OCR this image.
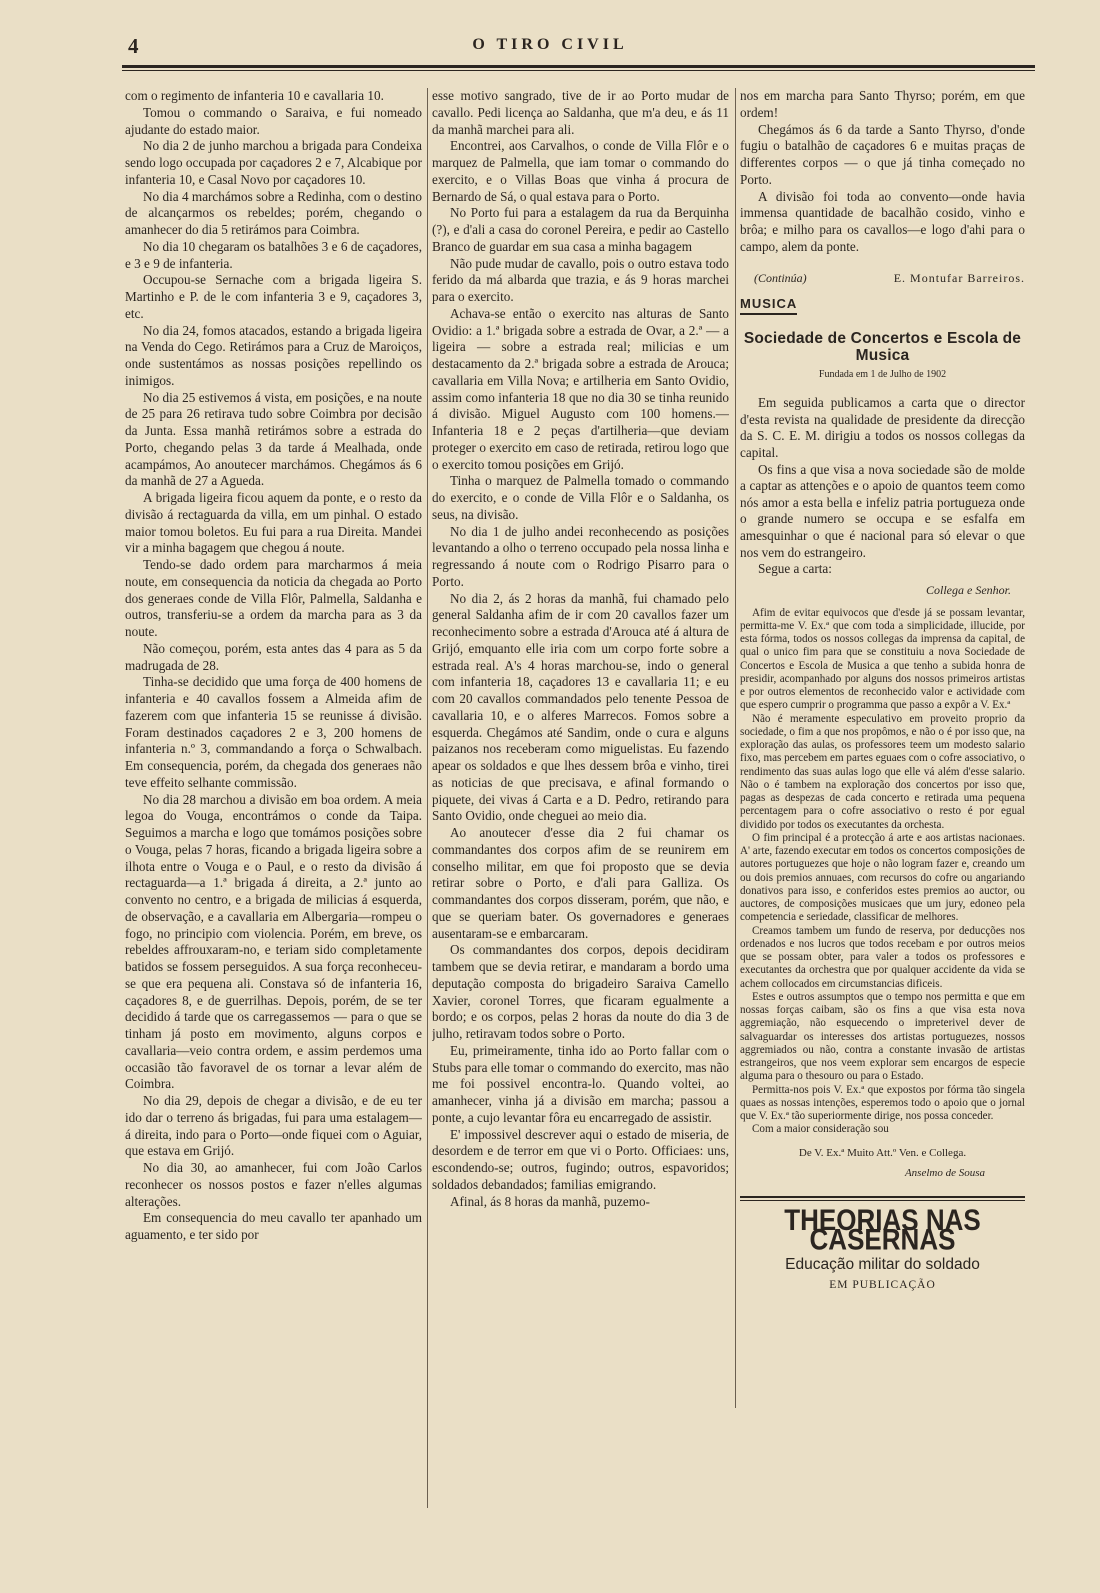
4	O TIRO CIVIL

com o regimento de infanteria 10 e cavallaria 10.

Tomou o commando o Saraiva, e fui nomeado ajudante do estado maior.

No dia 2 de junho marchou a brigada para Condeixa sendo logo occupada por caçadores 2 e 7, Alcabique por infanteria 10, e Casal Novo por caçadores 10.

No dia 4 marchámos sobre a Redinha, com o destino de alcançarmos os rebeldes; porém, chegando o amanhecer do dia 5 retirámos para Coimbra.

No dia 10 chegaram os batalhões 3 e 6 de caçadores, e 3 e 9 de infanteria.

Occupou-se Sernache com a brigada ligeira S. Martinho e P. de le com infanteria 3 e 9, caçadores 3, etc.

No dia 24, fomos atacados, estando a brigada ligeira na Venda do Cego. Retirámos para a Cruz de Maroiços, onde sustentámos as nossas posições repellindo os inimigos.

No dia 25 estivemos á vista, em posições, e na noute de 25 para 26 retirava tudo sobre Coimbra por decisão da Junta. Essa manhã retirámos sobre a estrada do Porto, chegando pelas 3 da tarde á Mealhada, onde acampámos, Ao anoutecer marchámos. Chegámos ás 6 da manhã de 27 a Agueda.

A brigada ligeira ficou aquem da ponte, e o resto da divisão á rectaguarda da villa, em um pinhal. O estado maior tomou boletos. Eu fui para a rua Direita. Mandei vir a minha bagagem que chegou á noute.

Tendo-se dado ordem para marcharmos á meia noute, em consequencia da noticia da chegada ao Porto dos generaes conde de Villa Flôr, Palmella, Saldanha e outros, transferiu-se a ordem da marcha para as 3 da noute.

Não começou, porém, esta antes das 4 para as 5 da madrugada de 28.

Tinha-se decidido que uma força de 400 homens de infanteria e 40 cavallos fossem a Almeida afim de fazerem com que infanteria 15 se reunisse á divisão. Foram destinados caçadores 2 e 3, 200 homens de infanteria n.º 3, commandando a força o Schwalbach. Em consequencia, porém, da chegada dos generaes não teve effeito selhante commissão.

No dia 28 marchou a divisão em boa ordem. A meia legoa do Vouga, encontrámos o conde da Taipa. Seguimos a marcha e logo que tomámos posições sobre o Vouga, pelas 7 horas, ficando a brigada ligeira sobre a ilhota entre o Vouga e o Paul, e o resto da divisão á rectaguarda—a 1.ª brigada á direita, a 2.ª junto ao convento no centro, e a brigada de milicias á esquerda, de observação, e a cavallaria em Albergaria—rompeu o fogo, no principio com violencia. Porém, em breve, os rebeldes affrouxaram-no, e teriam sido completamente batidos se fossem perseguidos. A sua força reconheceu-se que era pequena ali. Constava só de infanteria 16, caçadores 8, e de guerrilhas. Depois, porém, de se ter decidido á tarde que os carregassemos — para o que se tinham já posto em movimento, alguns corpos e cavallaria—veio contra ordem, e assim perdemos uma occasião tão favoravel de os tornar a levar além de Coimbra.

No dia 29, depois de chegar a divisão, e de eu ter ido dar o terreno ás brigadas, fui para uma estalagem—á direita, indo para o Porto—onde fiquei com o Aguiar, que estava em Grijó.

No dia 30, ao amanhecer, fui com João Carlos reconhecer os nossos postos e fazer n'elles algumas alterações.

Em consequencia do meu cavallo ter apanhado um aguamento, e ter sido por

esse motivo sangrado, tive de ir ao Porto mudar de cavallo. Pedi licença ao Saldanha, que m'a deu, e ás 11 da manhã marchei para ali.

Encontrei, aos Carvalhos, o conde de Villa Flôr e o marquez de Palmella, que iam tomar o commando do exercito, e o Villas Boas que vinha á procura de Bernardo de Sá, o qual estava para o Porto.

No Porto fui para a estalagem da rua da Berquinha (?), e d'ali a casa do coronel Pereira, e pedir ao Castello Branco de guardar em sua casa a minha bagagem

Não pude mudar de cavallo, pois o outro estava todo ferido da má albarda que trazia, e ás 9 horas marchei para o exercito.

Achava-se então o exercito nas alturas de Santo Ovidio: a 1.ª brigada sobre a estrada de Ovar, a 2.ª — a ligeira — sobre a estrada real; milicias e um destacamento da 2.ª brigada sobre a estrada de Arouca; cavallaria em Villa Nova; e artilheria em Santo Ovidio, assim como infanteria 18 que no dia 30 se tinha reunido á divisão. Miguel Augusto com 100 homens.—Infanteria 18 e 2 peças d'artilheria—que deviam proteger o exercito em caso de retirada, retirou logo que o exercito tomou posições em Grijó.

Tinha o marquez de Palmella tomado o commando do exercito, e o conde de Villa Flôr e o Saldanha, os seus, na divisão.

No dia 1 de julho andei reconhecendo as posições levantando a olho o terreno occupado pela nossa linha e regressando á noute com o Rodrigo Pisarro para o Porto.

No dia 2, ás 2 horas da manhã, fui chamado pelo general Saldanha afim de ir com 20 cavallos fazer um reconhecimento sobre a estrada d'Arouca até á altura de Grijó, emquanto elle iria com um corpo forte sobre a estrada real. A's 4 horas marchou-se, indo o general com infanteria 18, caçadores 13 e cavallaria 11; e eu com 20 cavallos commandados pelo tenente Pessoa de cavallaria 10, e o alferes Marrecos. Fomos sobre a esquerda. Chegámos até Sandim, onde o cura e alguns paizanos nos receberam como miguelistas. Eu fazendo apear os soldados e que lhes dessem brôa e vinho, tirei as noticias de que precisava, e afinal formando o piquete, dei vivas á Carta e a D. Pedro, retirando para Santo Ovidio, onde cheguei ao meio dia.

Ao anoutecer d'esse dia 2 fui chamar os commandantes dos corpos afim de se reunirem em conselho militar, em que foi proposto que se devia retirar sobre o Porto, e d'ali para Galliza. Os commandantes dos corpos disseram, porém, que não, e que se queriam bater. Os governadores e generaes ausentaram-se e embarcaram.

Os commandantes dos corpos, depois decidiram tambem que se devia retirar, e mandaram a bordo uma deputação composta do brigadeiro Saraiva Camello Xavier, coronel Torres, que ficaram egualmente a bordo; e os corpos, pelas 2 horas da noute do dia 3 de julho, retiravam todos sobre o Porto.

Eu, primeiramente, tinha ido ao Porto fallar com o Stubs para elle tomar o commando do exercito, mas não me foi possivel encontra-lo. Quando voltei, ao amanhecer, vinha já a divisão em marcha; passou a ponte, a cujo levantar fôra eu encarregado de assistir.

E' impossivel descrever aqui o estado de miseria, de desordem e de terror em que vi o Porto. Officiaes: uns, escondendo-se; outros, fugindo; outros, espavoridos; soldados debandados; familias emigrando.

Afinal, ás 8 horas da manhã, puzemo-

nos em marcha para Santo Thyrso; porém, em que ordem!

Chegámos ás 6 da tarde a Santo Thyrso, d'onde fugiu o batalhão de caçadores 6 e muitas praças de differentes corpos — o que já tinha começado no Porto.

A divisão foi toda ao convento—onde havia immensa quantidade de bacalhão cosido, vinho e brôa; e milho para os cavallos—e logo d'ahi para o campo, alem da ponte.

(Continúa)	E. Montufar Barreiros.
MUSICA
Sociedade de Concertos e Escola de Musica
Fundada em 1 de Julho de 1902

Em seguida publicamos a carta que o director d'esta revista na qualidade de presidente da direcção da S. C. E. M. dirigiu a todos os nossos collegas da capital.

Os fins a que visa a nova sociedade são de molde a captar as attenções e o apoio de quantos teem como nós amor a esta bella e infeliz patria portugueza onde o grande numero se occupa e se esfalfa em amesquinhar o que é nacional para só elevar o que nos vem do estrangeiro.

Segue a carta:

Collega e Senhor.

Afim de evitar equivocos que d'esde já se possam levantar, permitta-me V. Ex.ª que com toda a simplicidade, illucide, por esta fórma, todos os nossos collegas da imprensa da capital, de qual o unico fim para que se constituiu a nova Sociedade de Concertos e Escola de Musica a que tenho a subida honra de presidir, acompanhado por alguns dos nossos primeiros artistas e por outros elementos de reconhecido valor e actividade com que espero cumprir o programma que passo a expôr a V. Ex.ª

Não é meramente especulativo em proveito proprio da sociedade, o fim a que nos propômos, e não o é por isso que, na exploração das aulas, os professores teem um modesto salario fixo, mas percebem em partes eguaes com o cofre associativo, o rendimento das suas aulas logo que elle vá além d'esse salario. Não o é tambem na exploração dos concertos por isso que, pagas as despezas de cada concerto e retirada uma pequena percentagem para o cofre associativo o resto é por egual dividido por todos os executantes da orchesta.

O fim principal é a protecção á arte e aos artistas nacionaes. A' arte, fazendo executar em todos os concertos composições de autores portuguezes que hoje o não logram fazer e, creando um ou dois premios annuaes, com recursos do cofre ou angariando donativos para isso, e conferidos estes premios ao auctor, ou auctores, de composições musicaes que um jury, edoneo pela competencia e seriedade, classificar de melhores.

Creamos tambem um fundo de reserva, por deducções nos ordenados e nos lucros que todos recebam e por outros meios que se possam obter, para valer a todos os professores e executantes da orchestra que por qualquer accidente da vida se achem collocados em circumstancias dificeis.

Estes e outros assumptos que o tempo nos permitta e que em nossas forças caibam, são os fins a que visa esta nova aggremiação, não esquecendo o impreterivel dever de salvaguardar os interesses dos artistas portuguezes, nossos aggremiados ou não, contra a constante invasão de artistas estrangeiros, que nos veem explorar sem encargos de especie alguma para o thesouro ou para o Estado.

Permitta-nos pois V. Ex.ª que expostos por fórma tão singela quaes as nossas intenções, esperemos todo o apoio que o jornal que V. Ex.ª tão superiormente dirige, nos possa conceder.

Com a maior consideração sou

De V. Ex.ª Muito Att.º Ven. e Collega.
Anselmo de Sousa
THEORIAS NAS CASERNAS
Educação militar do soldado
EM PUBLICAÇÃO
